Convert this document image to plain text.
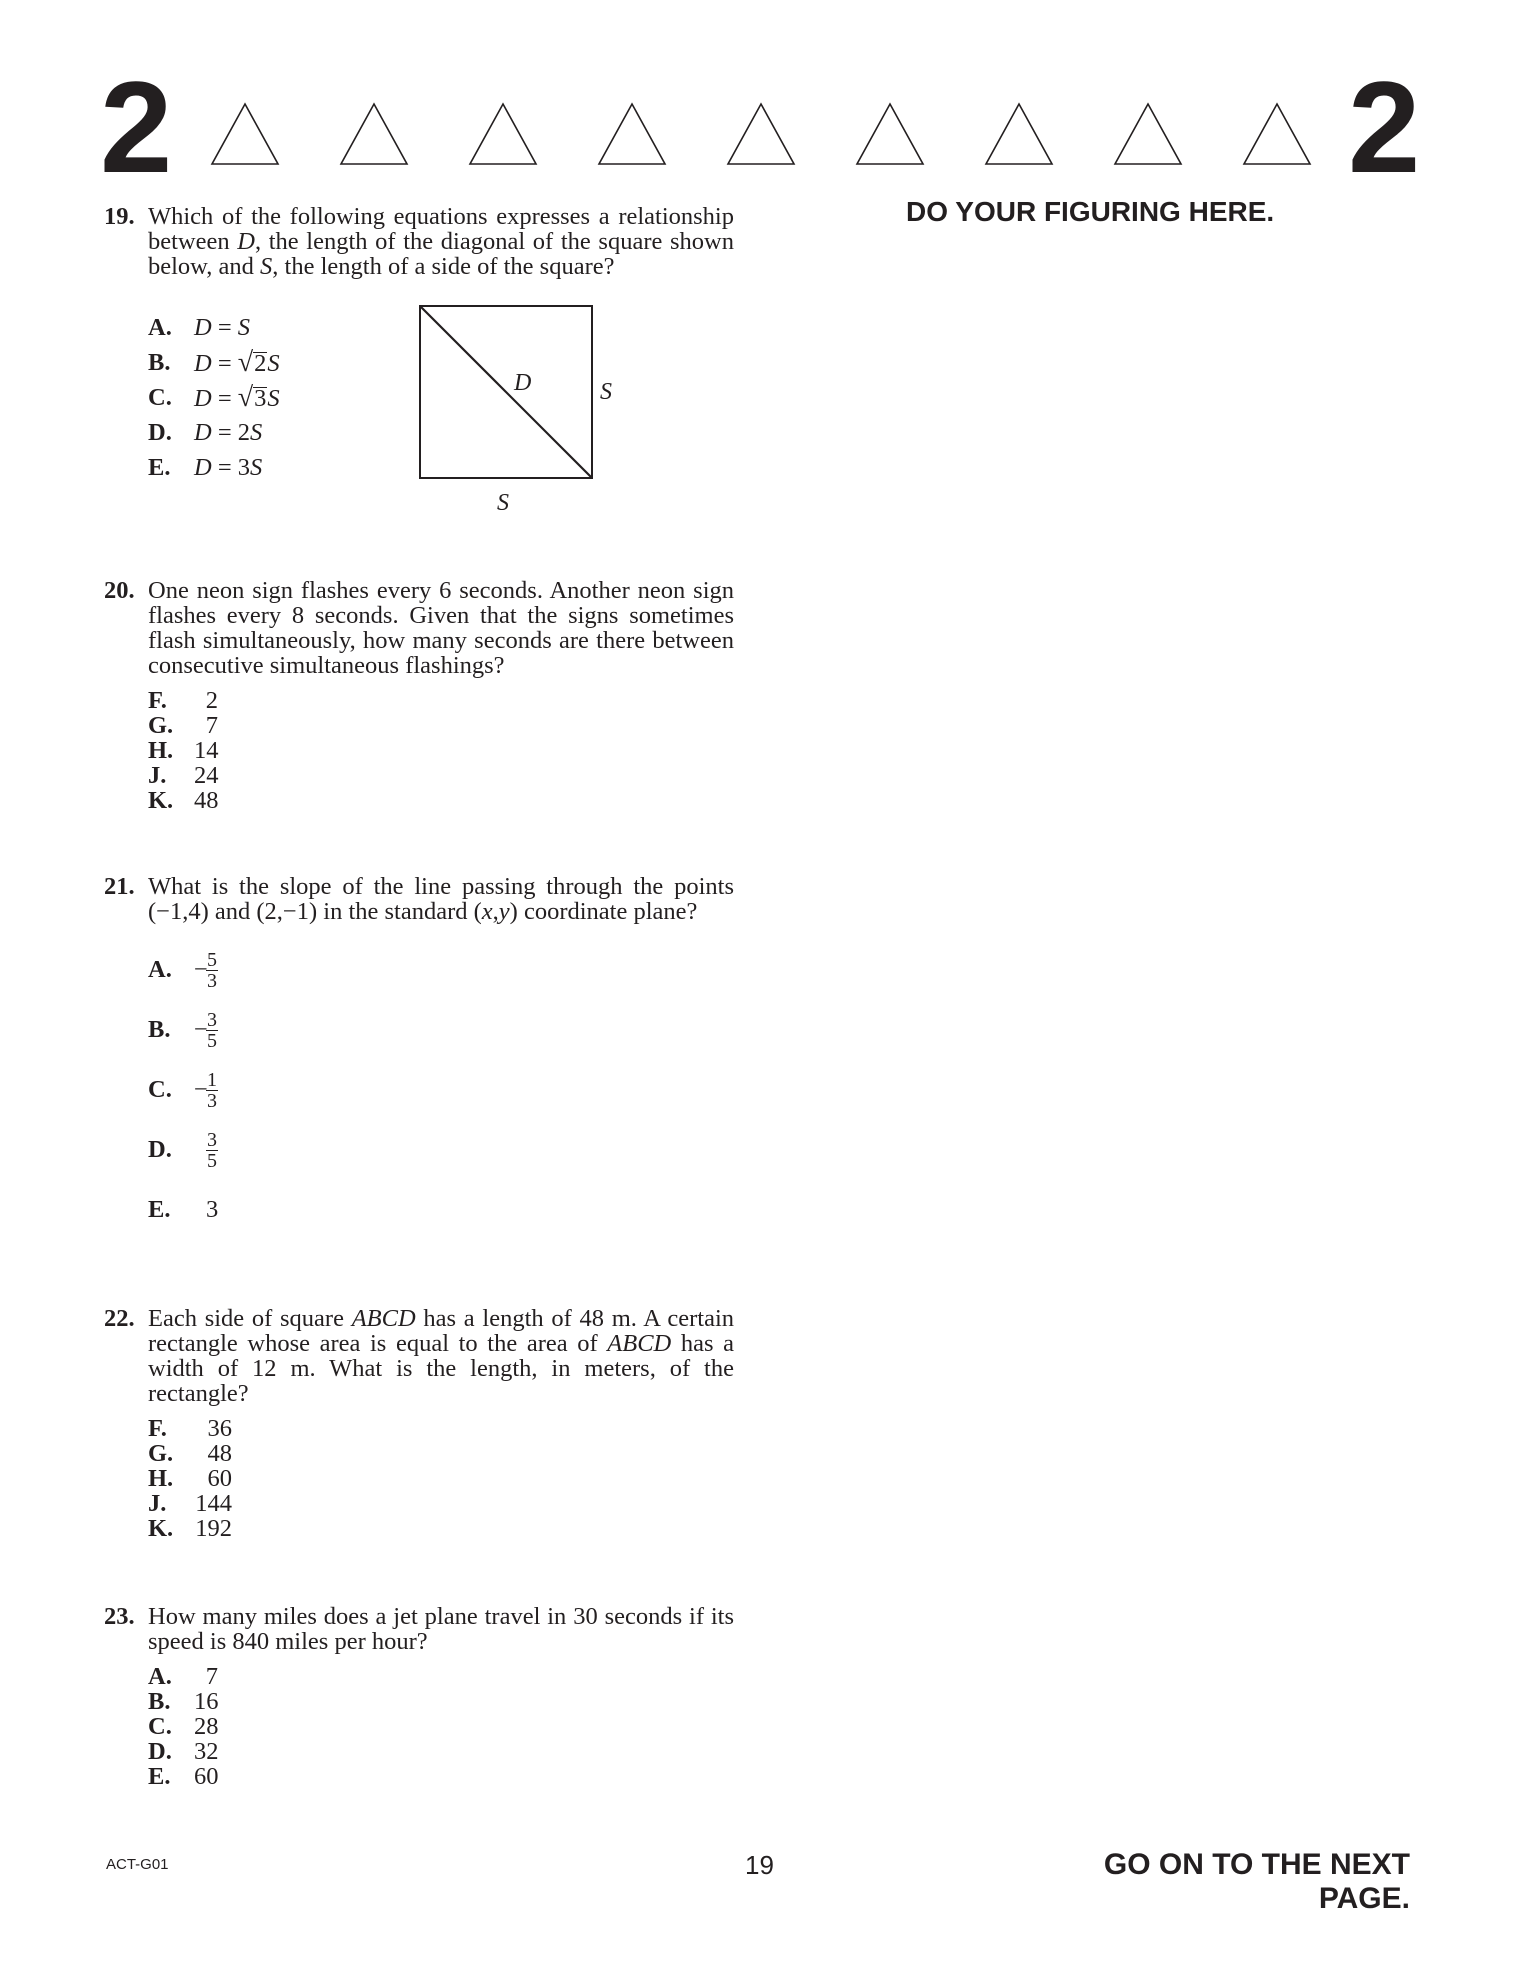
2	2
DO YOUR FIGURING HERE.
19. Which of the following equations expresses a relationship between D, the length of the diagonal of the square shown below, and S, the length of a side of the square?
A. D = S
B. D = √ 2 S
C. D = √ 3 S
D. D = 2S
E. D = 3S
D	S
S
20. One neon sign flashes every 6 seconds. Another neon sign flashes every 8 seconds. Given that the signs sometimes flash simultaneously, how many seconds are there between consecutive simultaneous flashings?
F.	2
G.	7
H. 14
J.	24
K. 48
21. What is the slope of the line passing through the points (−1,4) and (2,−1) in the standard (x,y) coordinate plane?
A. −
$\frac{5}{3}$
B. −
$\frac{3}{5}$
C. −
$\frac{1}{3}$
D.	$\frac{3}{5}$
E.	3
22. Each side of square ABCD has a length of 48 m. A certain rectangle whose area is equal to the area of ABCD has a width of 12 m. What is the length, in meters, of the rectangle?
F.	36
G.	48
H.	60
J.	144
K. 192
23. How many miles does a jet plane travel in 30 seconds if its speed is 840 miles per hour?
A.	7
B. 16
C. 28
D. 32
E. 60
ACT-G01	19	GO ON TO THE NEXT PAGE.
